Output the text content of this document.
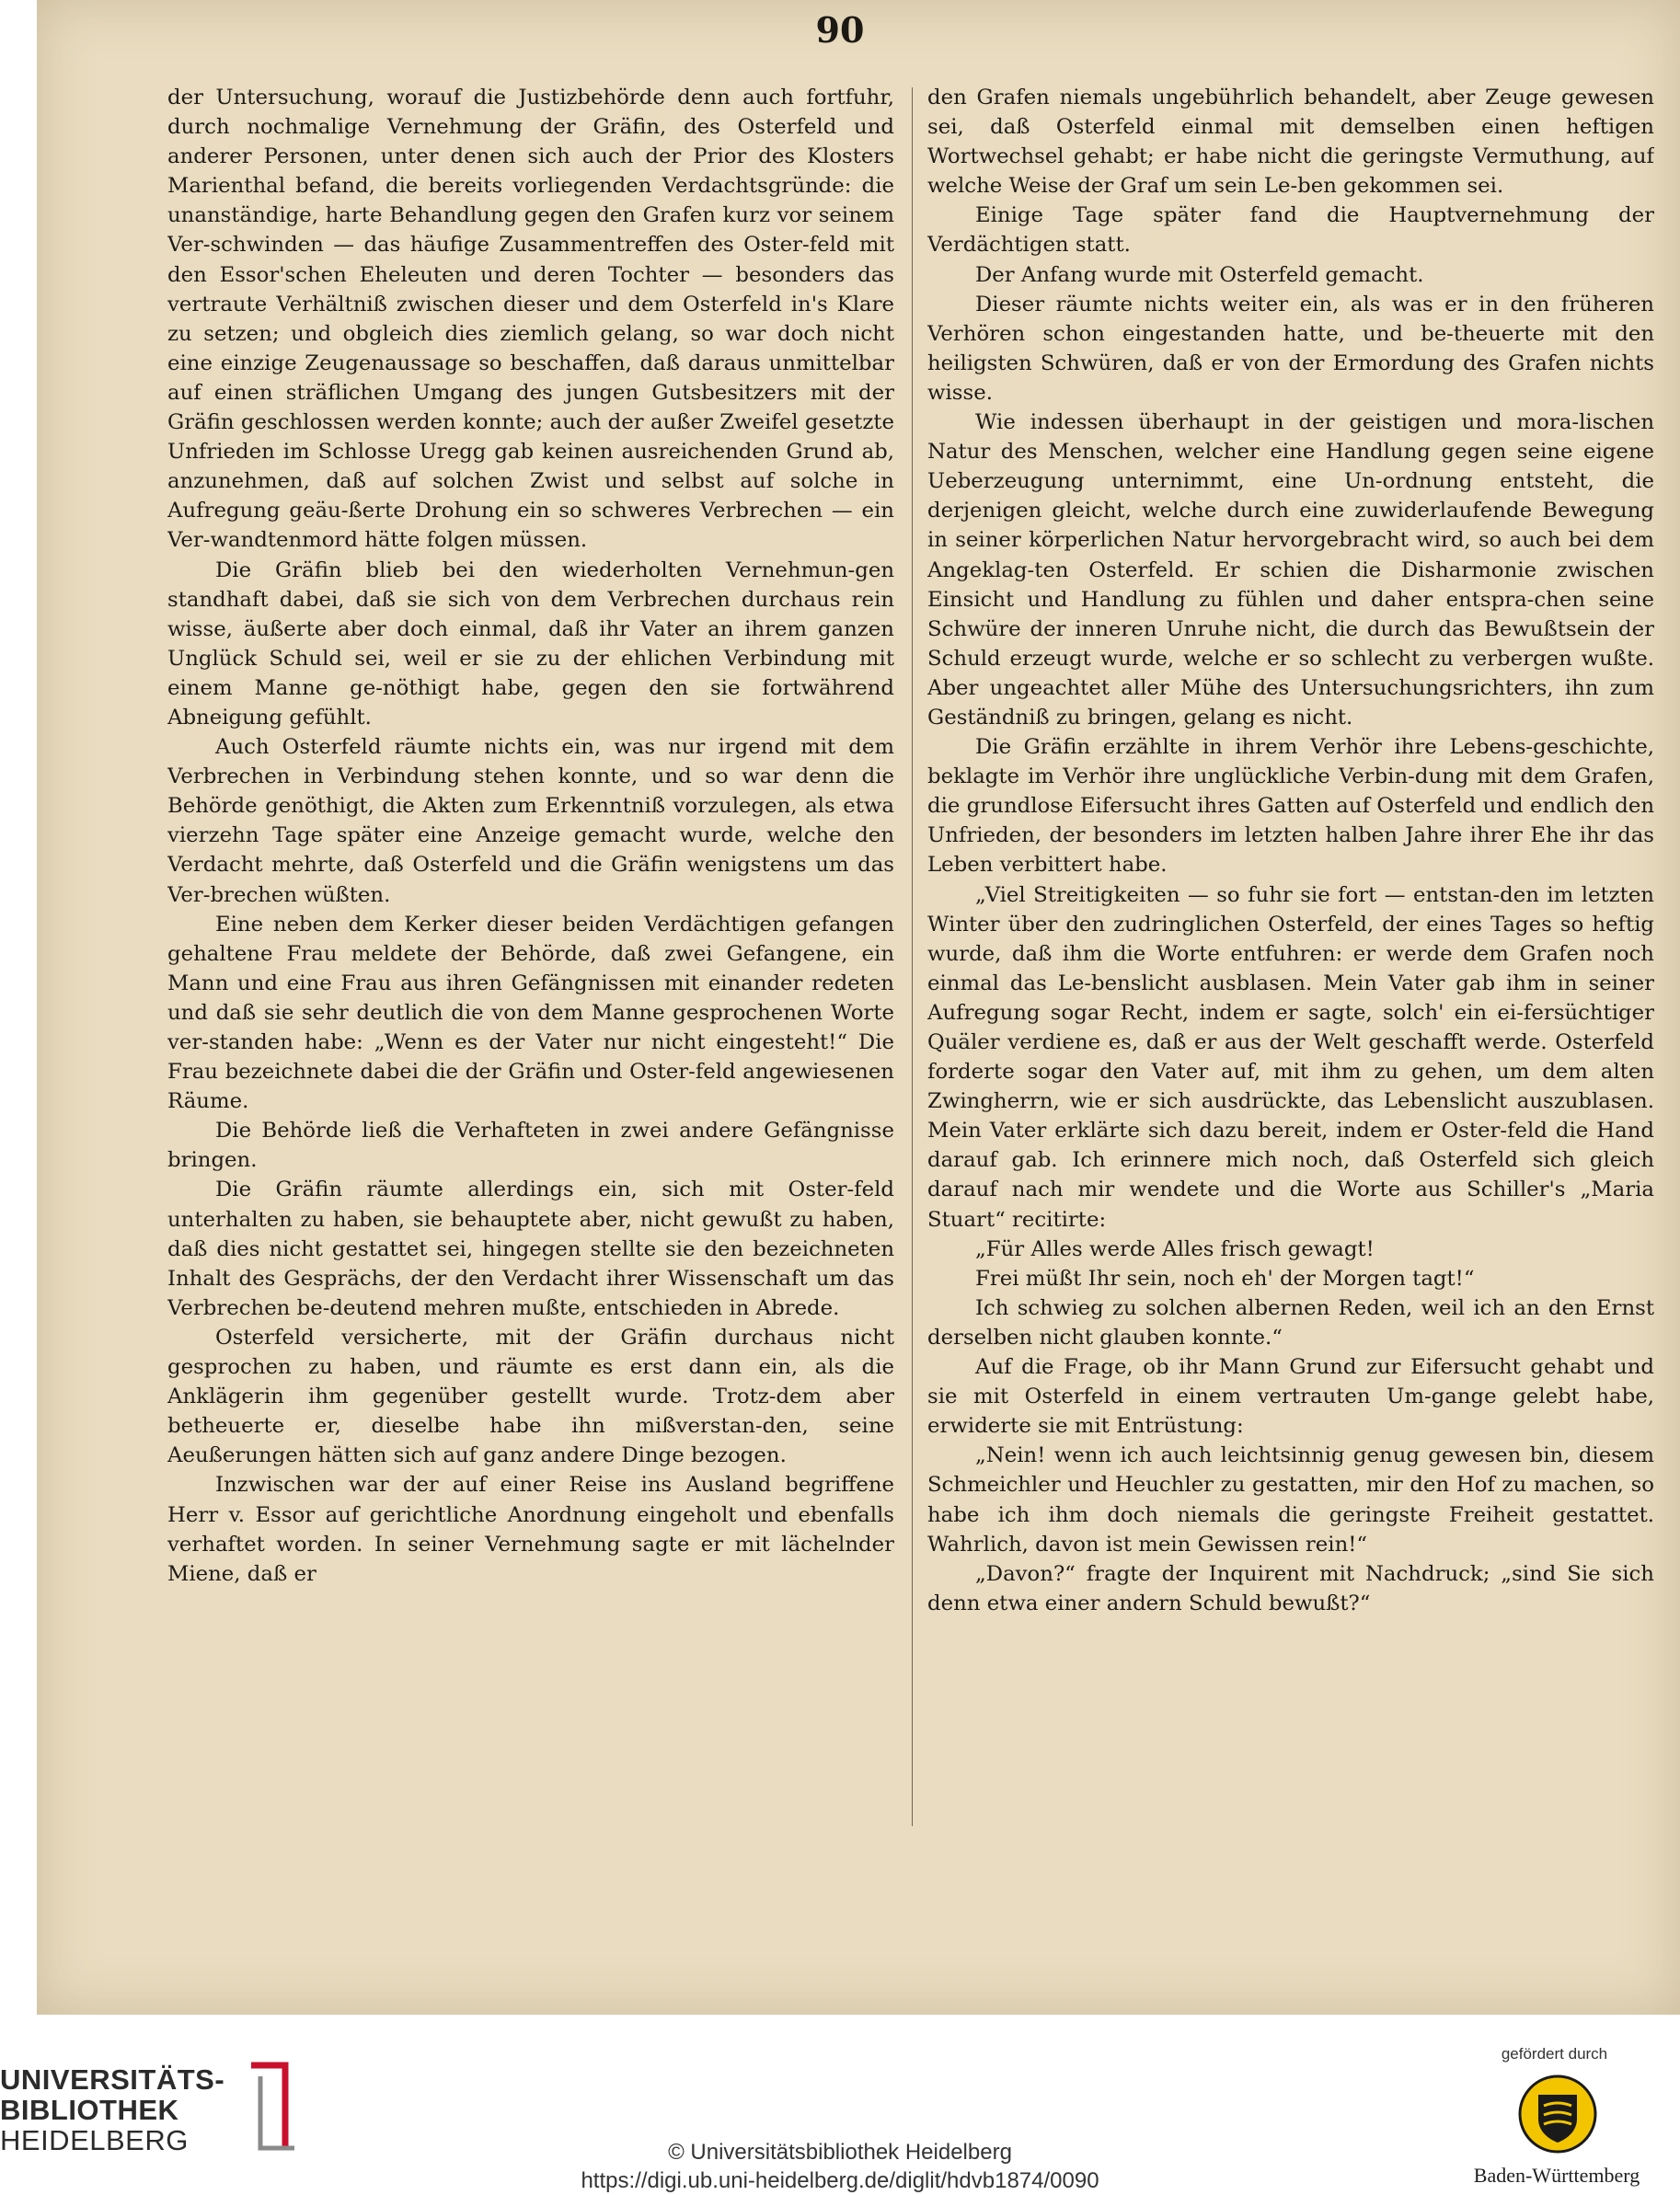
90

der Untersuchung, worauf die Justizbehörde denn auch fortfuhr, durch nochmalige Vernehmung der Gräfin, des Osterfeld und anderer Personen, unter denen sich auch der Prior des Klosters Marienthal befand, die bereits vorliegenden Verdachtsgründe: die unanständige, harte Behandlung gegen den Grafen kurz vor seinem Ver-schwinden — das häufige Zusammentreffen des Oster-feld mit den Essor'schen Eheleuten und deren Tochter — besonders das vertraute Verhältniß zwischen dieser und dem Osterfeld in's Klare zu setzen; und obgleich dies ziemlich gelang, so war doch nicht eine einzige Zeugenaussage so beschaffen, daß daraus unmittelbar auf einen sträflichen Umgang des jungen Gutsbesitzers mit der Gräfin geschlossen werden konnte; auch der außer Zweifel gesetzte Unfrieden im Schlosse Uregg gab keinen ausreichenden Grund ab, anzunehmen, daß auf solchen Zwist und selbst auf solche in Aufregung geäu-ßerte Drohung ein so schweres Verbrechen — ein Ver-wandtenmord hätte folgen müssen.

Die Gräfin blieb bei den wiederholten Vernehmun-gen standhaft dabei, daß sie sich von dem Verbrechen durchaus rein wisse, äußerte aber doch einmal, daß ihr Vater an ihrem ganzen Unglück Schuld sei, weil er sie zu der ehlichen Verbindung mit einem Manne ge-nöthigt habe, gegen den sie fortwährend Abneigung gefühlt.

Auch Osterfeld räumte nichts ein, was nur irgend mit dem Verbrechen in Verbindung stehen konnte, und so war denn die Behörde genöthigt, die Akten zum Erkenntniß vorzulegen, als etwa vierzehn Tage später eine Anzeige gemacht wurde, welche den Verdacht mehrte, daß Osterfeld und die Gräfin wenigstens um das Ver-brechen wüßten.

Eine neben dem Kerker dieser beiden Verdächtigen gefangen gehaltene Frau meldete der Behörde, daß zwei Gefangene, ein Mann und eine Frau aus ihren Gefängnissen mit einander redeten und daß sie sehr deutlich die von dem Manne gesprochenen Worte ver-standen habe: „Wenn es der Vater nur nicht eingesteht!“ Die Frau bezeichnete dabei die der Gräfin und Oster-feld angewiesenen Räume.

Die Behörde ließ die Verhafteten in zwei andere Gefängnisse bringen.

Die Gräfin räumte allerdings ein, sich mit Oster-feld unterhalten zu haben, sie behauptete aber, nicht gewußt zu haben, daß dies nicht gestattet sei, hingegen stellte sie den bezeichneten Inhalt des Gesprächs, der den Verdacht ihrer Wissenschaft um das Verbrechen be-deutend mehren mußte, entschieden in Abrede.

Osterfeld versicherte, mit der Gräfin durchaus nicht gesprochen zu haben, und räumte es erst dann ein, als die Anklägerin ihm gegenüber gestellt wurde. Trotz-dem aber betheuerte er, dieselbe habe ihn mißverstan-den, seine Aeußerungen hätten sich auf ganz andere Dinge bezogen.

Inzwischen war der auf einer Reise ins Ausland begriffene Herr v. Essor auf gerichtliche Anordnung eingeholt und ebenfalls verhaftet worden. In seiner Vernehmung sagte er mit lächelnder Miene, daß er

den Grafen niemals ungebührlich behandelt, aber Zeuge gewesen sei, daß Osterfeld einmal mit demselben einen heftigen Wortwechsel gehabt; er habe nicht die geringste Vermuthung, auf welche Weise der Graf um sein Le-ben gekommen sei.

Einige Tage später fand die Hauptvernehmung der Verdächtigen statt.

Der Anfang wurde mit Osterfeld gemacht.

Dieser räumte nichts weiter ein, als was er in den früheren Verhören schon eingestanden hatte, und be-theuerte mit den heiligsten Schwüren, daß er von der Ermordung des Grafen nichts wisse.

Wie indessen überhaupt in der geistigen und mora-lischen Natur des Menschen, welcher eine Handlung gegen seine eigene Ueberzeugung unternimmt, eine Un-ordnung entsteht, die derjenigen gleicht, welche durch eine zuwiderlaufende Bewegung in seiner körperlichen Natur hervorgebracht wird, so auch bei dem Angeklag-ten Osterfeld. Er schien die Disharmonie zwischen Einsicht und Handlung zu fühlen und daher entspra-chen seine Schwüre der inneren Unruhe nicht, die durch das Bewußtsein der Schuld erzeugt wurde, welche er so schlecht zu verbergen wußte. Aber ungeachtet aller Mühe des Untersuchungsrichters, ihn zum Geständniß zu bringen, gelang es nicht.

Die Gräfin erzählte in ihrem Verhör ihre Lebens-geschichte, beklagte im Verhör ihre unglückliche Verbin-dung mit dem Grafen, die grundlose Eifersucht ihres Gatten auf Osterfeld und endlich den Unfrieden, der besonders im letzten halben Jahre ihrer Ehe ihr das Leben verbittert habe.

„Viel Streitigkeiten — so fuhr sie fort — entstan-den im letzten Winter über den zudringlichen Osterfeld, der eines Tages so heftig wurde, daß ihm die Worte entfuhren: er werde dem Grafen noch einmal das Le-benslicht ausblasen. Mein Vater gab ihm in seiner Aufregung sogar Recht, indem er sagte, solch' ein ei-fersüchtiger Quäler verdiene es, daß er aus der Welt geschafft werde. Osterfeld forderte sogar den Vater auf, mit ihm zu gehen, um dem alten Zwingherrn, wie er sich ausdrückte, das Lebenslicht auszublasen. Mein Vater erklärte sich dazu bereit, indem er Oster-feld die Hand darauf gab. Ich erinnere mich noch, daß Osterfeld sich gleich darauf nach mir wendete und die Worte aus Schiller's „Maria Stuart“ recitirte:

„Für Alles werde Alles frisch gewagt!

Frei müßt Ihr sein, noch eh' der Morgen tagt!“

Ich schwieg zu solchen albernen Reden, weil ich an den Ernst derselben nicht glauben konnte.“

Auf die Frage, ob ihr Mann Grund zur Eifersucht gehabt und sie mit Osterfeld in einem vertrauten Um-gange gelebt habe, erwiderte sie mit Entrüstung:

„Nein! wenn ich auch leichtsinnig genug gewesen bin, diesem Schmeichler und Heuchler zu gestatten, mir den Hof zu machen, so habe ich ihm doch niemals die geringste Freiheit gestattet. Wahrlich, davon ist mein Gewissen rein!“

„Davon?“ fragte der Inquirent mit Nachdruck; „sind Sie sich denn etwa einer andern Schuld bewußt?“

UNIVERSITÄTS-
BIBLIOTHEK
HEIDELBERG	© Universitätsbibliothek Heidelberg
https://digi.ub.uni-heidelberg.de/diglit/hdvb1874/0090
gefördert durch
Baden-Württemberg
